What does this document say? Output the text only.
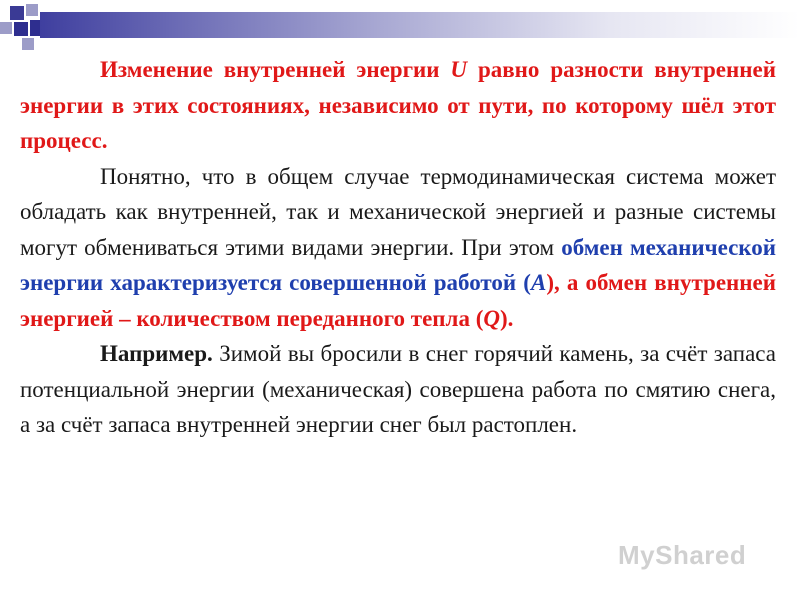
Изменение внутренней энергии U равно разности внутренней энергии в этих состояниях, независимо от пути, по которому шёл этот процесс.

Понятно, что в общем случае термодинамическая система может обладать как внутренней, так и механической энергией и разные системы могут обмениваться этими видами энергии. При этом обмен механической энергии характеризуется совершенной работой (A), а обмен внутренней энергией – количеством переданного тепла (Q).

Например. Зимой вы бросили в снег горячий камень, за счёт запаса потенциальной энергии (механическая) совершена работа по смятию снега, а за счёт запаса внутренней энергии снег был растоплен.

MyShared
